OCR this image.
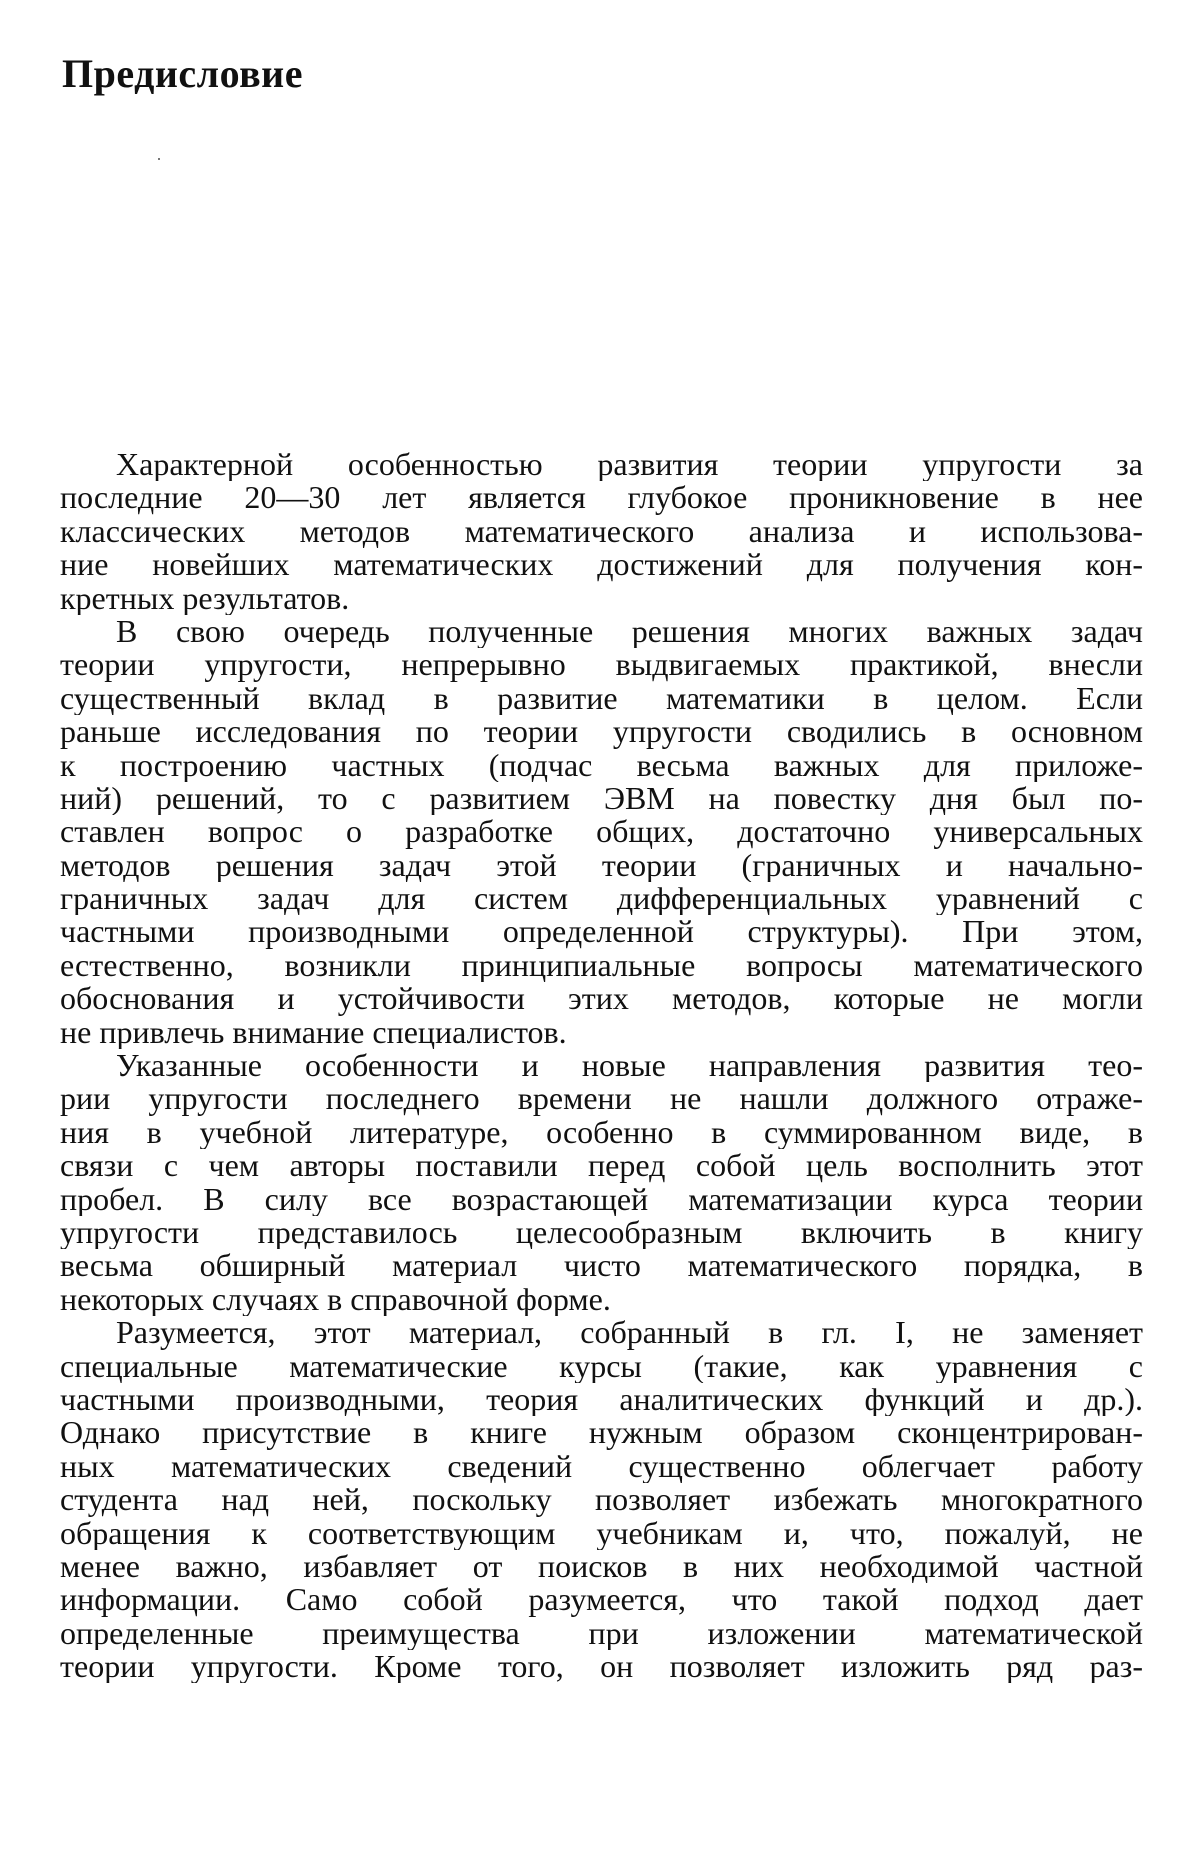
Предисловие
Характерной особенностью развития теории упругости за
последние 20—30 лет является глубокое проникновение в нее
классических методов математического анализа и использова-
ние новейших математических достижений для получения кон-
кретных результатов.
В свою очередь полученные решения многих важных задач
теории упругости, непрерывно выдвигаемых практикой, внесли
существенный вклад в развитие математики в целом. Если
раньше исследования по теории упругости сводились в основном
к построению частных (подчас весьма важных для приложе-
ний) решений, то с развитием ЭВМ на повестку дня был по-
ставлен вопрос о разработке общих, достаточно универсальных
методов решения задач этой теории (граничных и начально-
граничных задач для систем дифференциальных уравнений с
частными производными определенной структуры). При этом,
естественно, возникли принципиальные вопросы математического
обоснования и устойчивости этих методов, которые не могли
не привлечь внимание специалистов.
Указанные особенности и новые направления развития тео-
рии упругости последнего времени не нашли должного отраже-
ния в учебной литературе, особенно в суммированном виде, в
связи с чем авторы поставили перед собой цель восполнить этот
пробел. В силу все возрастающей математизации курса теории
упругости представилось целесообразным включить в книгу
весьма обширный материал чисто математического порядка, в
некоторых случаях в справочной форме.
Разумеется, этот материал, собранный в гл. I, не заменяет
специальные математические курсы (такие, как уравнения с
частными производными, теория аналитических функций и др.).
Однако присутствие в книге нужным образом сконцентрирован-
ных математических сведений существенно облегчает работу
студента над ней, поскольку позволяет избежать многократного
обращения к соответствующим учебникам и, что, пожалуй, не
менее важно, избавляет от поисков в них необходимой частной
информации. Само собой разумеется, что такой подход дает
определенные преимущества при изложении математической
теории упругости. Кроме того, он позволяет изложить ряд раз-
